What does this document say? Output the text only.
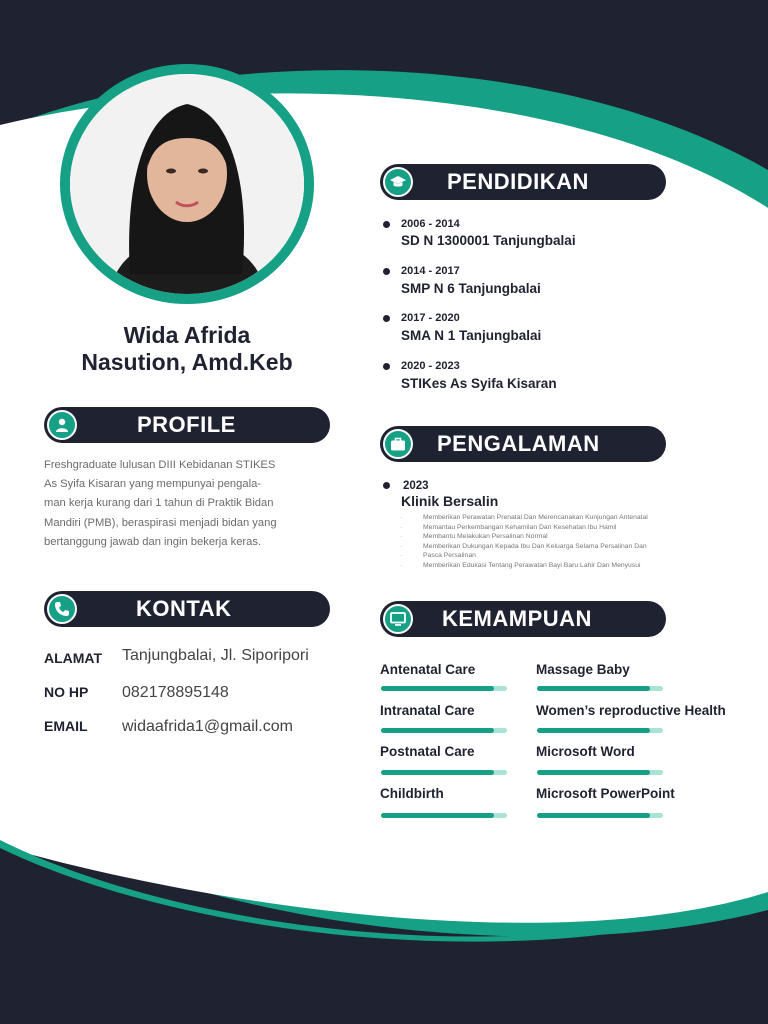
Wida Afrida
Nasution, Amd.Keb
PROFILE
Freshgraduate lulusan DIII Kebidanan STIKES
As Syifa Kisaran yang mempunyai pengala-
man kerja kurang dari 1 tahun di Praktik Bidan
Mandiri (PMB), beraspirasi menjadi bidan yang
bertanggung jawab dan ingin bekerja keras.
KONTAK
ALAMAT Tanjungbalai, Jl. Siporipori
NO HP 082178895148
EMAIL widaafrida1@gmail.com
PENDIDIKAN
2006 - 2014
SD N 1300001 Tanjungbalai
2014 - 2017
SMP N 6 Tanjungbalai
2017 - 2020
SMA N 1 Tanjungbalai
2020 - 2023
STIKes As Syifa Kisaran
PENGALAMAN
2023
Klinik Bersalin
· Memberikan Perawatan Prenatal Dan Merencanakan Kunjungan Antenatal
· Memantau Perkembangan Kehamilan Dan Kesehatan Ibu Hamil
· Membantu Melakukan Persalinan Normal
· Memberikan Dukungan Kepada Ibu Dan Keluarga Selama Persalinan Dan
· Pasca Persalinan
· Memberikan Edukasi Tentang Perawatan Bayi Baru Lahir Dan Menyusui
KEMAMPUAN
Antenatal Care	Massage Baby
Intranatal Care	Women’s reproductive Health
Postnatal Care	Microsoft Word
Childbirth	Microsoft PowerPoint
